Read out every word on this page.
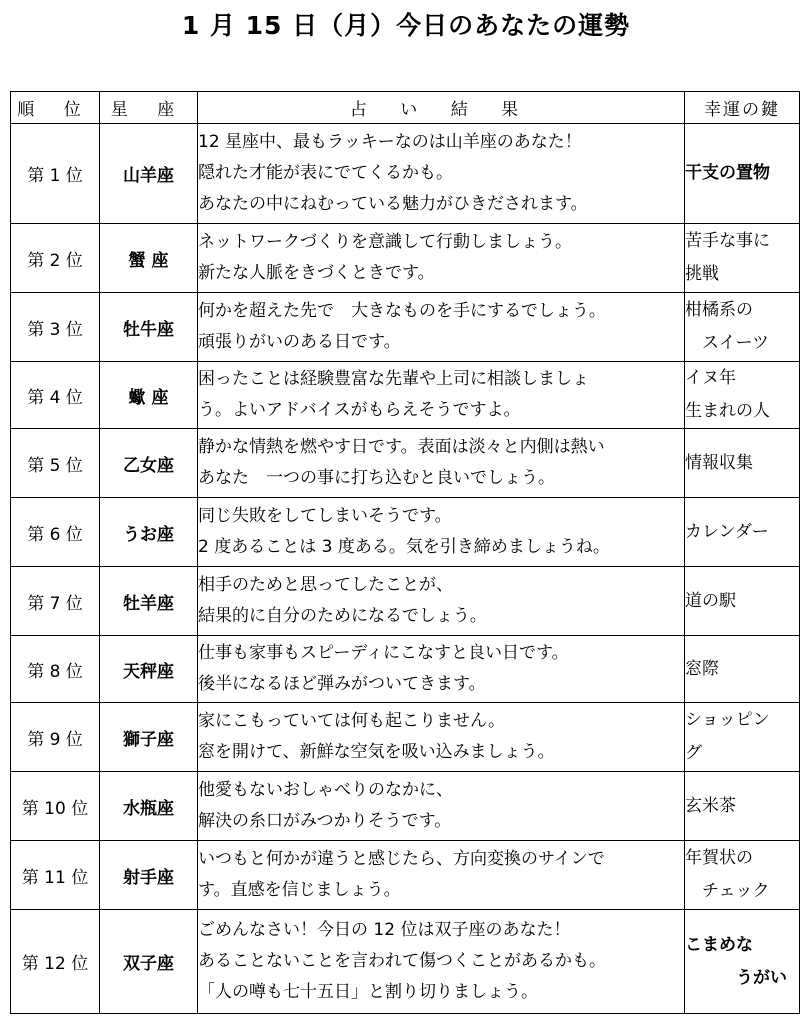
1 月 15 日（月）今日のあなたの運勢
順 位	星 座	占 い 結 果	幸運の鍵
第 1 位	山羊座	12 星座中、最もラッキーなのは山羊座のあなた！
隠れた才能が表にでてくるかも。
あなたの中にねむっている魅力がひきだされます。	干支の置物
第 2 位	蟹 座	ネットワークづくりを意識して行動しましょう。
新たな人脈をきづくときです。	苦手な事に
挑戦
第 3 位	牡牛座	何かを超えた先で　大きなものを手にするでしょう。
頑張りがいのある日です。	柑橘系の
　スイーツ
第 4 位	蠍 座	困ったことは経験豊富な先輩や上司に相談しましょ
う。よいアドバイスがもらえそうですよ。	イヌ年
生まれの人
第 5 位	乙女座	静かな情熱を燃やす日です。表面は淡々と内側は熱い
あなた　一つの事に打ち込むと良いでしょう。	情報収集
第 6 位	うお座	同じ失敗をしてしまいそうです。
2 度あることは 3 度ある。気を引き締めましょうね。	カレンダー
第 7 位	牡羊座	相手のためと思ってしたことが、
結果的に自分のためになるでしょう。	道の駅
第 8 位	天秤座	仕事も家事もスピーディにこなすと良い日です。
後半になるほど弾みがついてきます。	窓際
第 9 位	獅子座	家にこもっていては何も起こりません。
窓を開けて、新鮮な空気を吸い込みましょう。	ショッピン
グ
第 10 位	水瓶座	他愛もないおしゃべりのなかに、
解決の糸口がみつかりそうです。	玄米茶
第 11 位	射手座	いつもと何かが違うと感じたら、方向変換のサインで
す。直感を信じましょう。	年賀状の
　チェック
第 12 位	双子座	ごめんなさい！今日の 12 位は双子座のあなた！
あることないことを言われて傷つくことがあるかも。
「人の噂も七十五日」と割り切りましょう。	こまめな
　　　うがい
